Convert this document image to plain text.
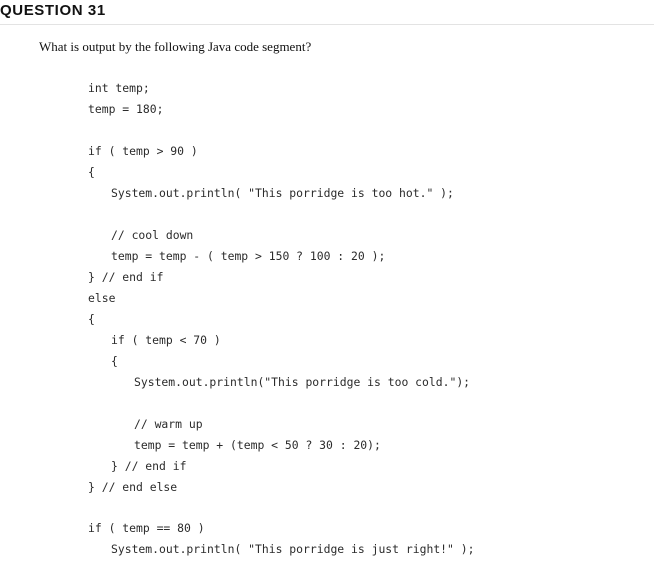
QUESTION 31
What is output by the following Java code segment?
int temp;
temp = 180;
if ( temp > 90 )
{
System.out.println( "This porridge is too hot." );
// cool down
temp = temp - ( temp > 150 ? 100 : 20 );
} // end if
else
{
if ( temp < 70 )
{
System.out.println("This porridge is too cold.");
// warm up
temp = temp + (temp < 50 ? 30 : 20);
} // end if
} // end else
if ( temp == 80 )
System.out.println( "This porridge is just right!" );
